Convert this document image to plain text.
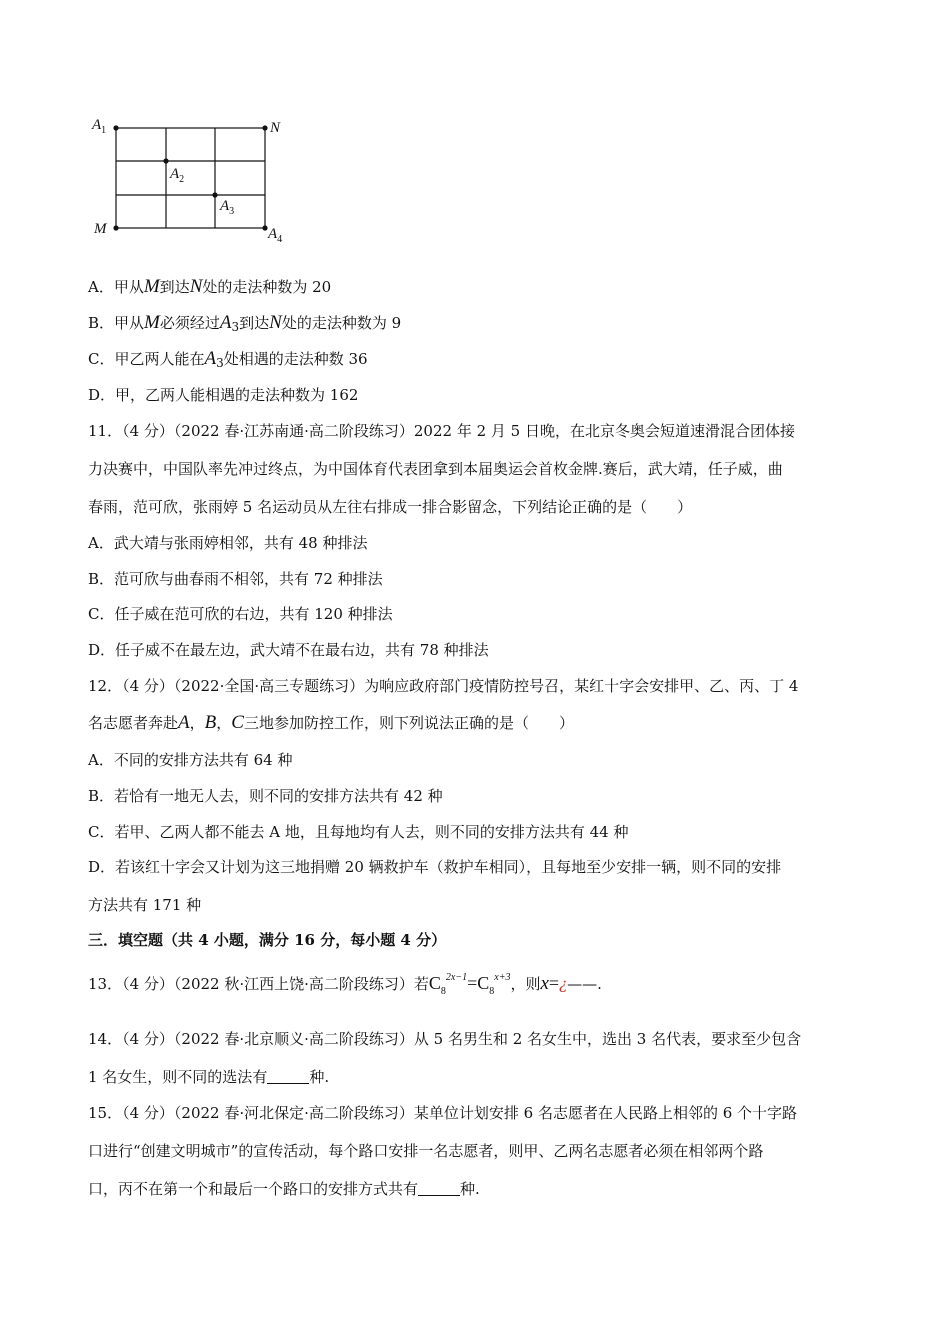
$A_1$	N
$A_2$
$A_3$
M	$A_4$
A．甲从M到达N处的走法种数为 20
B．甲从M必须经过$A_3$到达N处的走法种数为 9
C．甲乙两人能在$A_3$处相遇的走法种数 36
D．甲，乙两人能相遇的走法种数为 162
11．（4 分）（2022 春·江苏南通·高二阶段练习）2022 年 2 月 5 日晚，在北京冬奥会短道速滑混合团体接
力决赛中，中国队率先冲过终点，为中国体育代表团拿到本届奥运会首枚金牌.赛后，武大靖，任子威，曲
春雨，范可欣，张雨婷 5 名运动员从左往右排成一排合影留念，下列结论正确的是（　　）
A．武大靖与张雨婷相邻，共有 48 种排法
B．范可欣与曲春雨不相邻，共有 72 种排法
C．任子威在范可欣的右边，共有 120 种排法
D．任子威不在最左边，武大靖不在最右边，共有 78 种排法
12．（4 分）（2022·全国·高三专题练习）为响应政府部门疫情防控号召，某红十字会安排甲、乙、丙、丁 4
名志愿者奔赴A，B，C三地参加防控工作，则下列说法正确的是（　　）
A．不同的安排方法共有 64 种
B．若恰有一地无人去，则不同的安排方法共有 42 种
C．若甲、乙两人都不能去 A 地，且每地均有人去，则不同的安排方法共有 44 种
D．若该红十字会又计划为这三地捐赠 20 辆救护车（救护车相同），且每地至少安排一辆，则不同的安排
方法共有 171 种
三．填空题（共 4 小题，满分 16 分，每小题 4 分）
13．（4 分）（2022 秋·江西上饶·高二阶段练习）若$C_8^{2x-1}=C_8^{x+3}$，则x=¿——.
14．（4 分）（2022 春·北京顺义·高二阶段练习）从 5 名男生和 2 名女生中，选出 3 名代表，要求至少包含
1 名女生，则不同的选法有	种.
15．（4 分）（2022 春·河北保定·高二阶段练习）某单位计划安排 6 名志愿者在人民路上相邻的 6 个十字路
口进行“创建文明城市”的宣传活动，每个路口安排一名志愿者，则甲、乙两名志愿者必须在相邻两个路
口，丙不在第一个和最后一个路口的安排方式共有	种.
